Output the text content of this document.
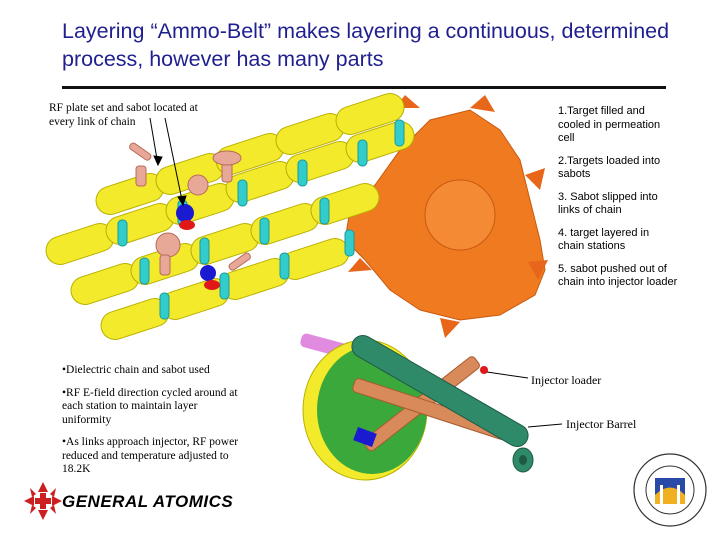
Layering “Ammo-Belt” makes layering a continuous, determined process, however has many parts
RF plate set and sabot located at every link of chain
1.Target filled and cooled in permeation cell
2.Targets loaded into sabots
3. Sabot slipped into links of chain
4. target layered in chain stations
5. sabot pushed out of chain into injector loader
•Dielectric chain and sabot used
•RF E-field direction cycled around at each station to maintain layer uniformity
•As links approach injector, RF power reduced and temperature adjusted to 18.2K
Injector loader
Injector Barrel
GENERAL ATOMICS
